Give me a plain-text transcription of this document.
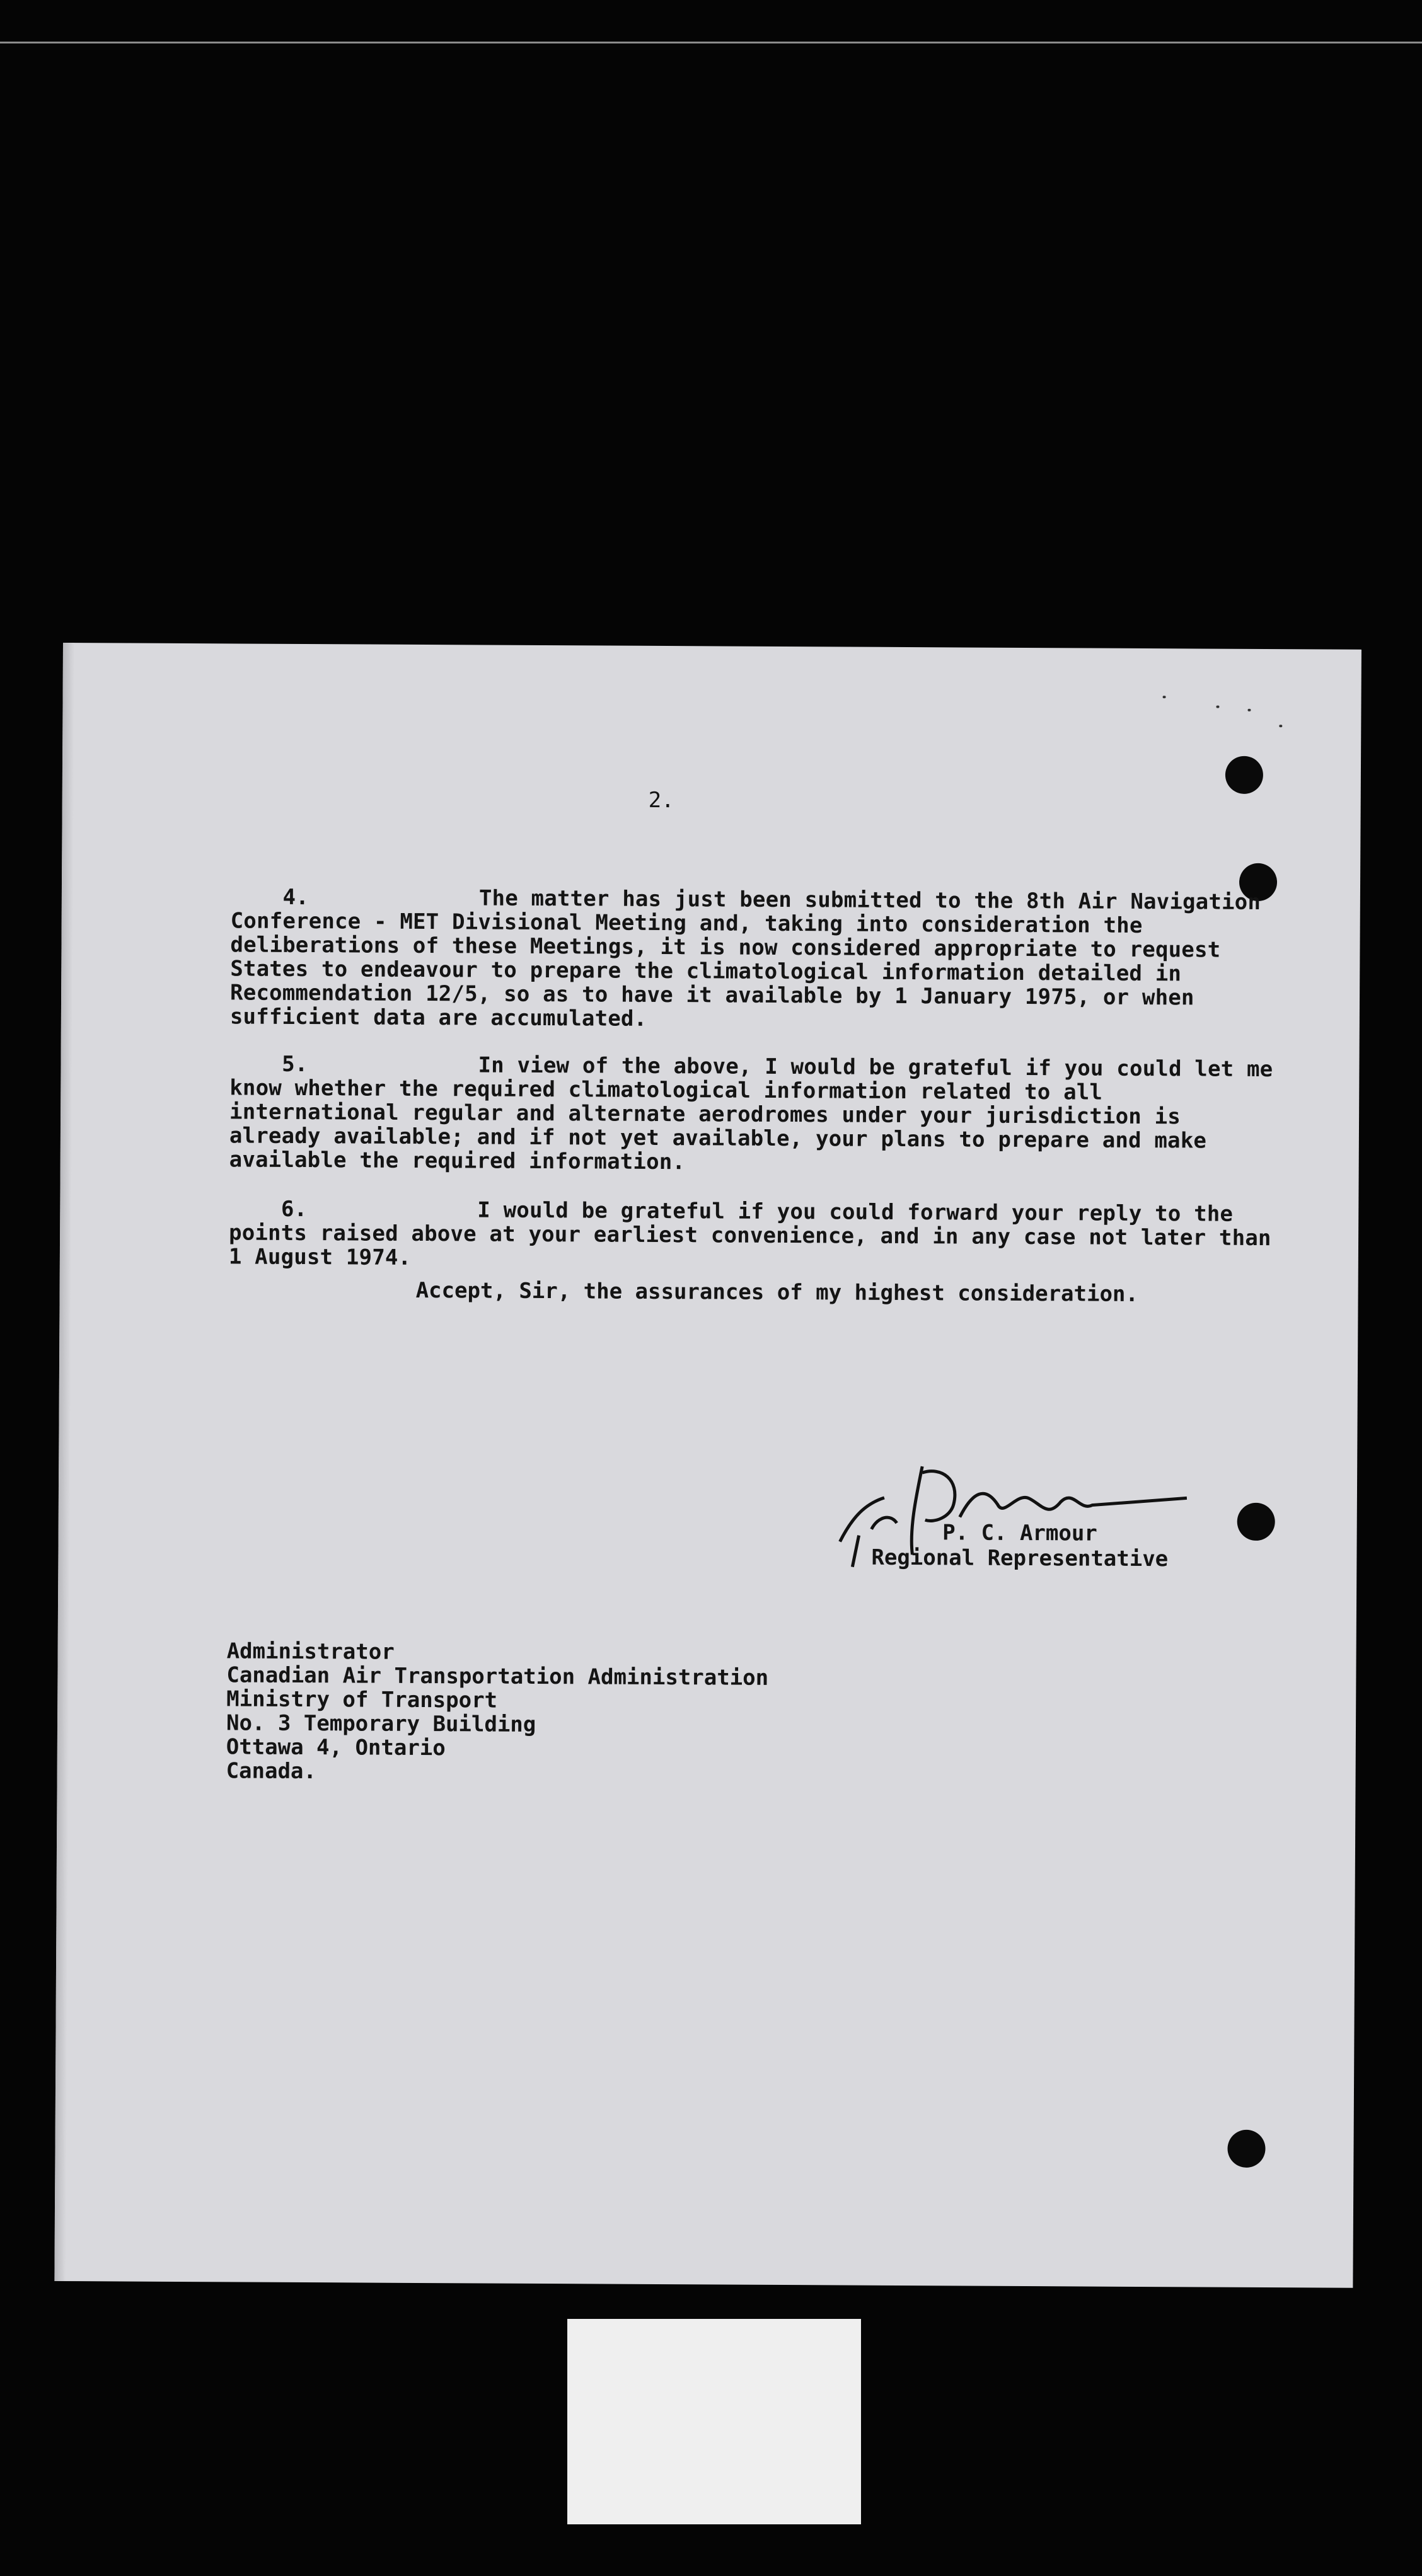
2.

4.	The matter has just been submitted to the 8th Air Navigation Conference - MET Divisional Meeting and, taking into consideration the deliberations of these Meetings, it is now considered appropriate to request States to endeavour to prepare the climatological information detailed in Recommendation 12/5, so as to have it available by 1 January 1975, or when sufficient data are accumulated.

5.	In view of the above, I would be grateful if you could let me know whether the required climatological information related to all international regular and alternate aerodromes under your jurisdiction is already available; and if not yet available, your plans to prepare and make available the required information.

6.	I would be grateful if you could forward your reply to the points raised above at your earliest convenience, and in any case not later than 1 August 1974.

Accept, Sir, the assurances of my highest consideration.
P. C. Armour
Regional Representative
Administrator
Canadian Air Transportation Administration
Ministry of Transport
No. 3 Temporary Building
Ottawa 4, Ontario
Canada.
